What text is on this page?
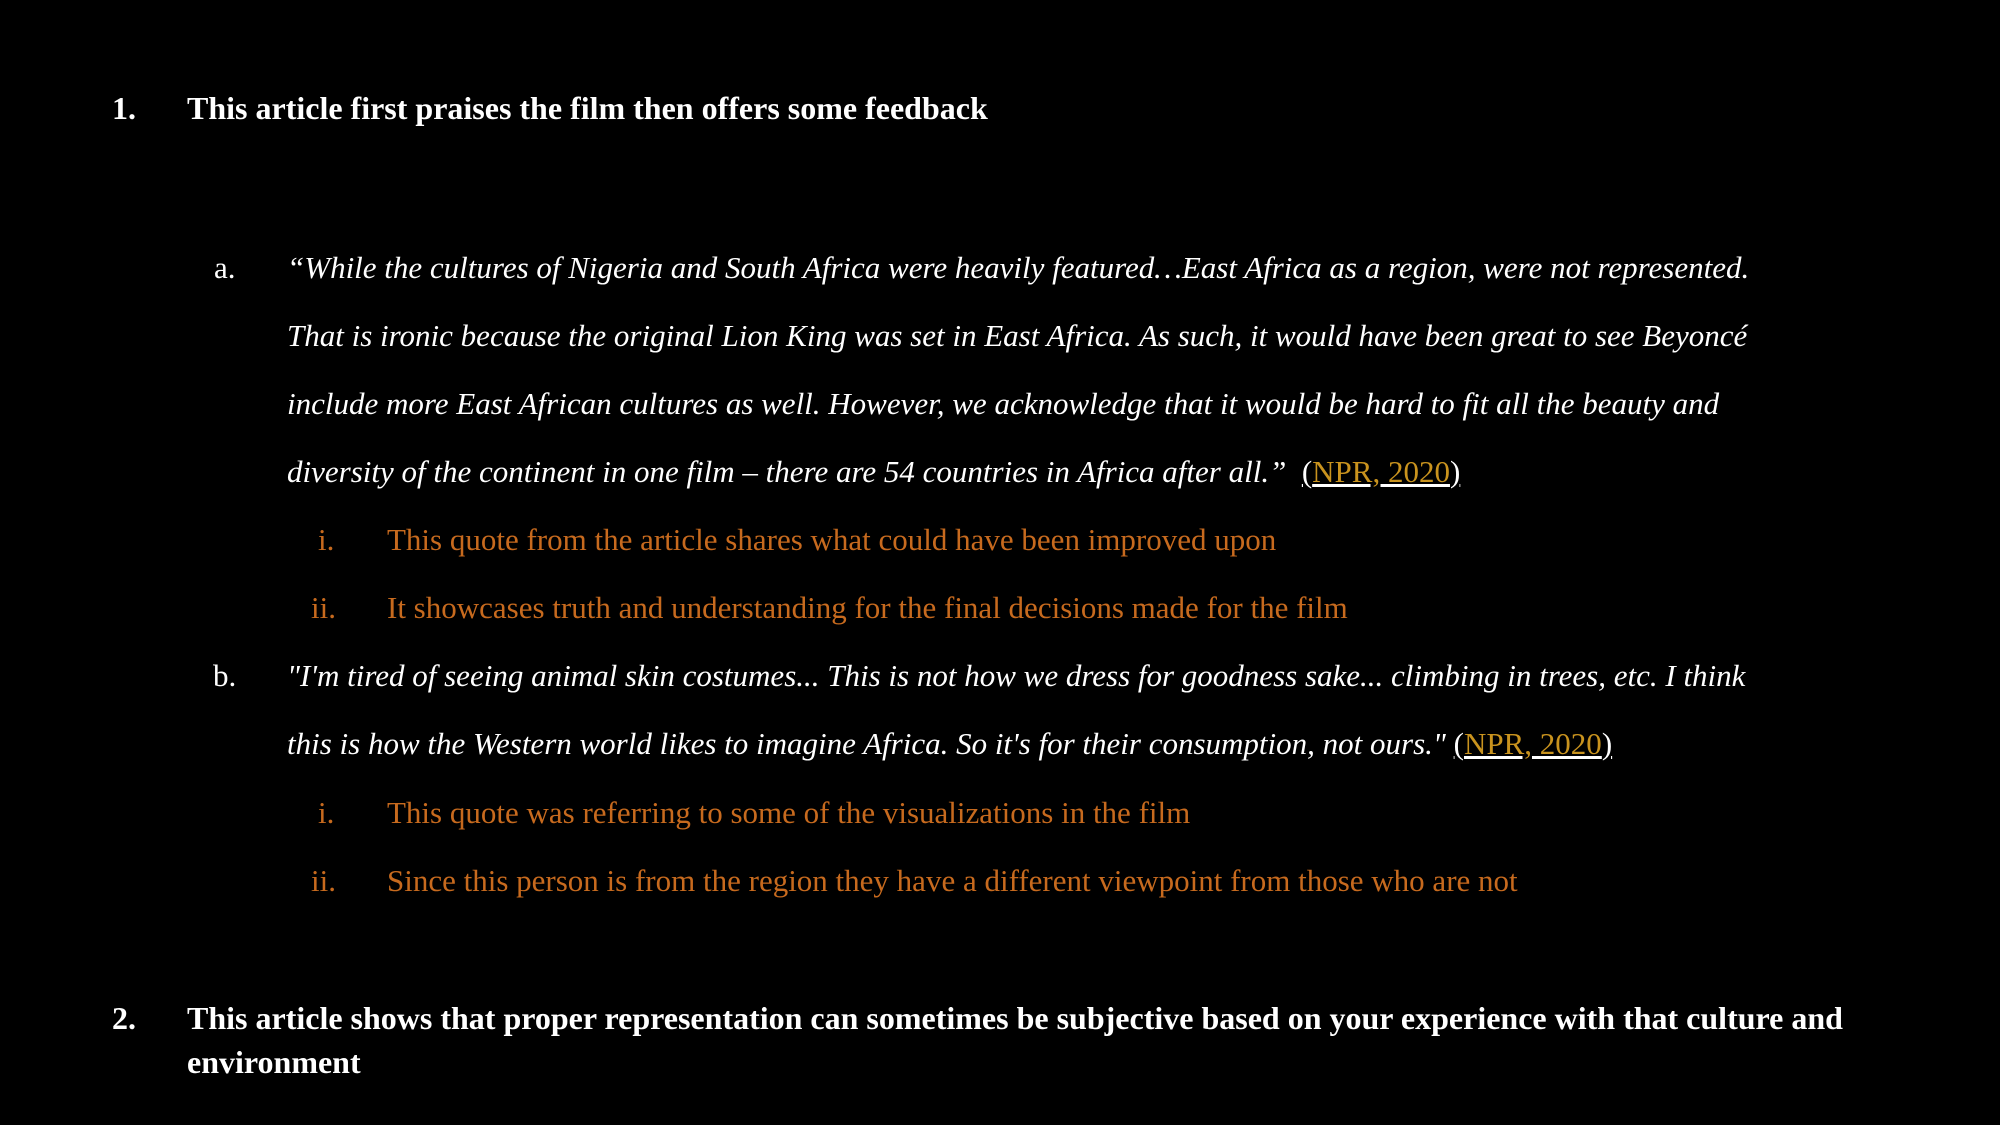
1. This article first praises the film then offers some feedback
a. “While the cultures of Nigeria and South Africa were heavily featured…East Africa as a region, were not represented.
That is ironic because the original Lion King was set in East Africa. As such, it would have been great to see Beyoncé
include more East African cultures as well. However, we acknowledge that it would be hard to fit all the beauty and
diversity of the continent in one film – there are 54 countries in Africa after all.” (NPR, 2020)
i. This quote from the article shares what could have been improved upon
ii. It showcases truth and understanding for the final decisions made for the film
b. "I'm tired of seeing animal skin costumes... This is not how we dress for goodness sake... climbing in trees, etc. I think
this is how the Western world likes to imagine Africa. So it's for their consumption, not ours." (NPR, 2020)
i. This quote was referring to some of the visualizations in the film
ii. Since this person is from the region they have a different viewpoint from those who are not
2. This article shows that proper representation can sometimes be subjective based on your experience with that culture and
environment
